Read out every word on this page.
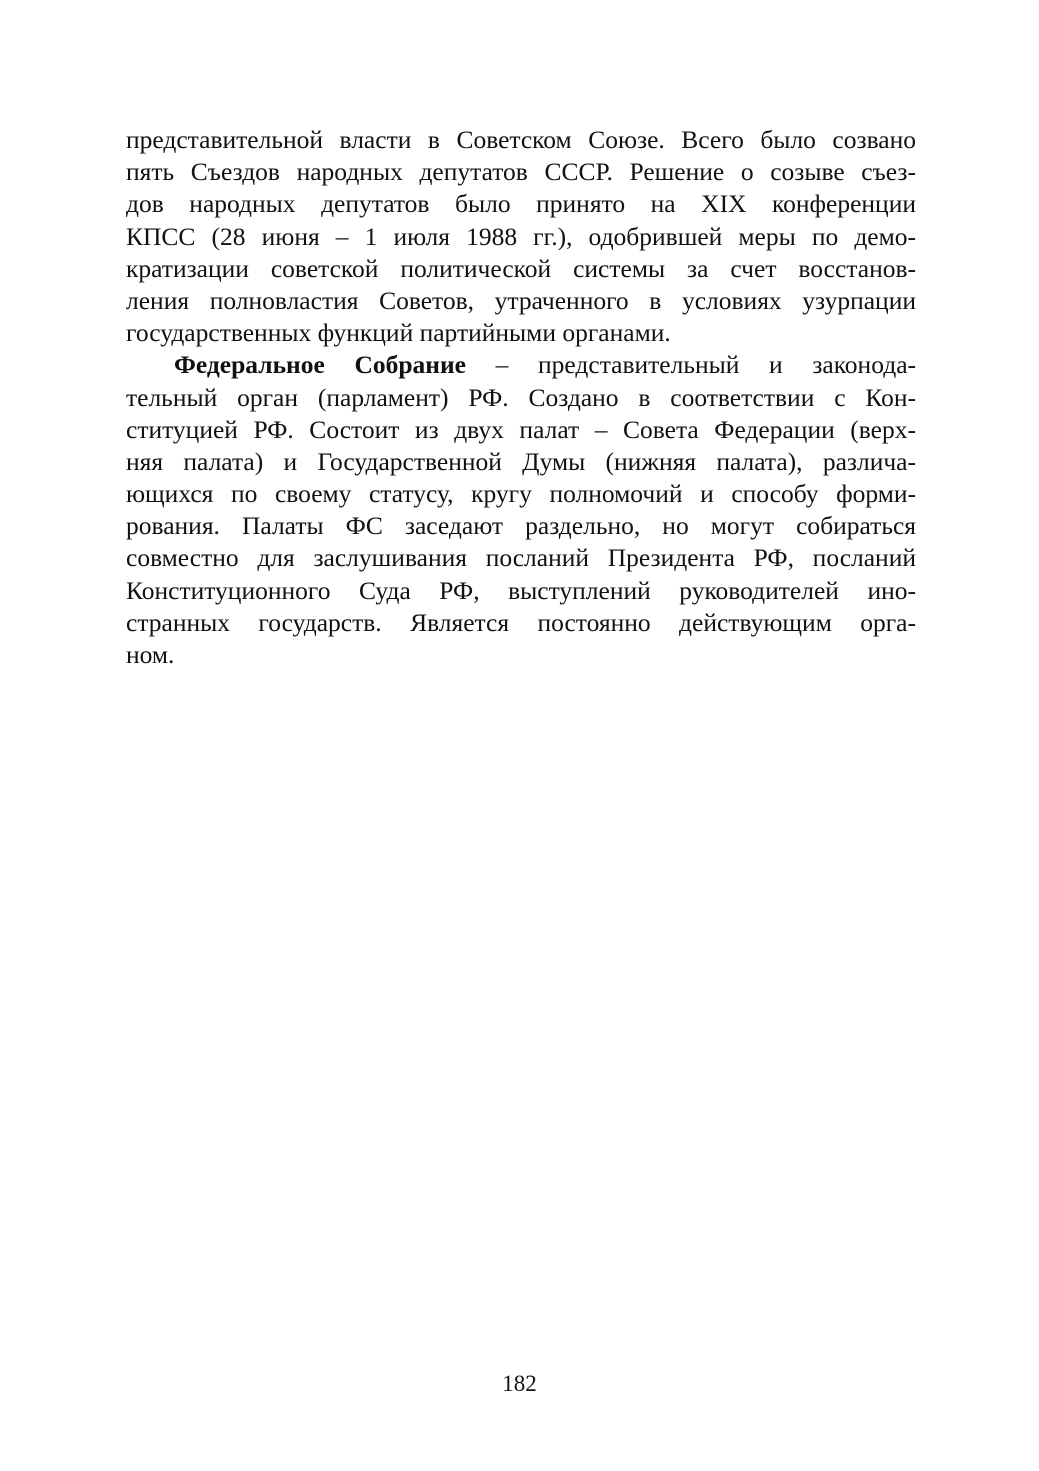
представительной власти в Советском Союзе. Всего было созвано
пять Съездов народных депутатов СССР. Решение о созыве съез-
дов народных депутатов было принято на XIX конференции
КПСС (28 июня – 1 июля 1988 гг.), одобрившей меры по демо-
кратизации советской политической системы за счет восстанов-
ления полновластия Советов, утраченного в условиях узурпации
государственных функций партийными органами.
Федеральное Собрание – представительный и законода-
тельный орган (парламент) РФ. Создано в соответствии с Кон-
ституцией РФ. Состоит из двух палат – Совета Федерации (верх-
няя палата) и Государственной Думы (нижняя палата), различа-
ющихся по своему статусу, кругу полномочий и способу форми-
рования. Палаты ФС заседают раздельно, но могут собираться
совместно для заслушивания посланий Президента РФ, посланий
Конституционного Суда РФ, выступлений руководителей ино-
странных государств. Является постоянно действующим орга-
ном.
182
